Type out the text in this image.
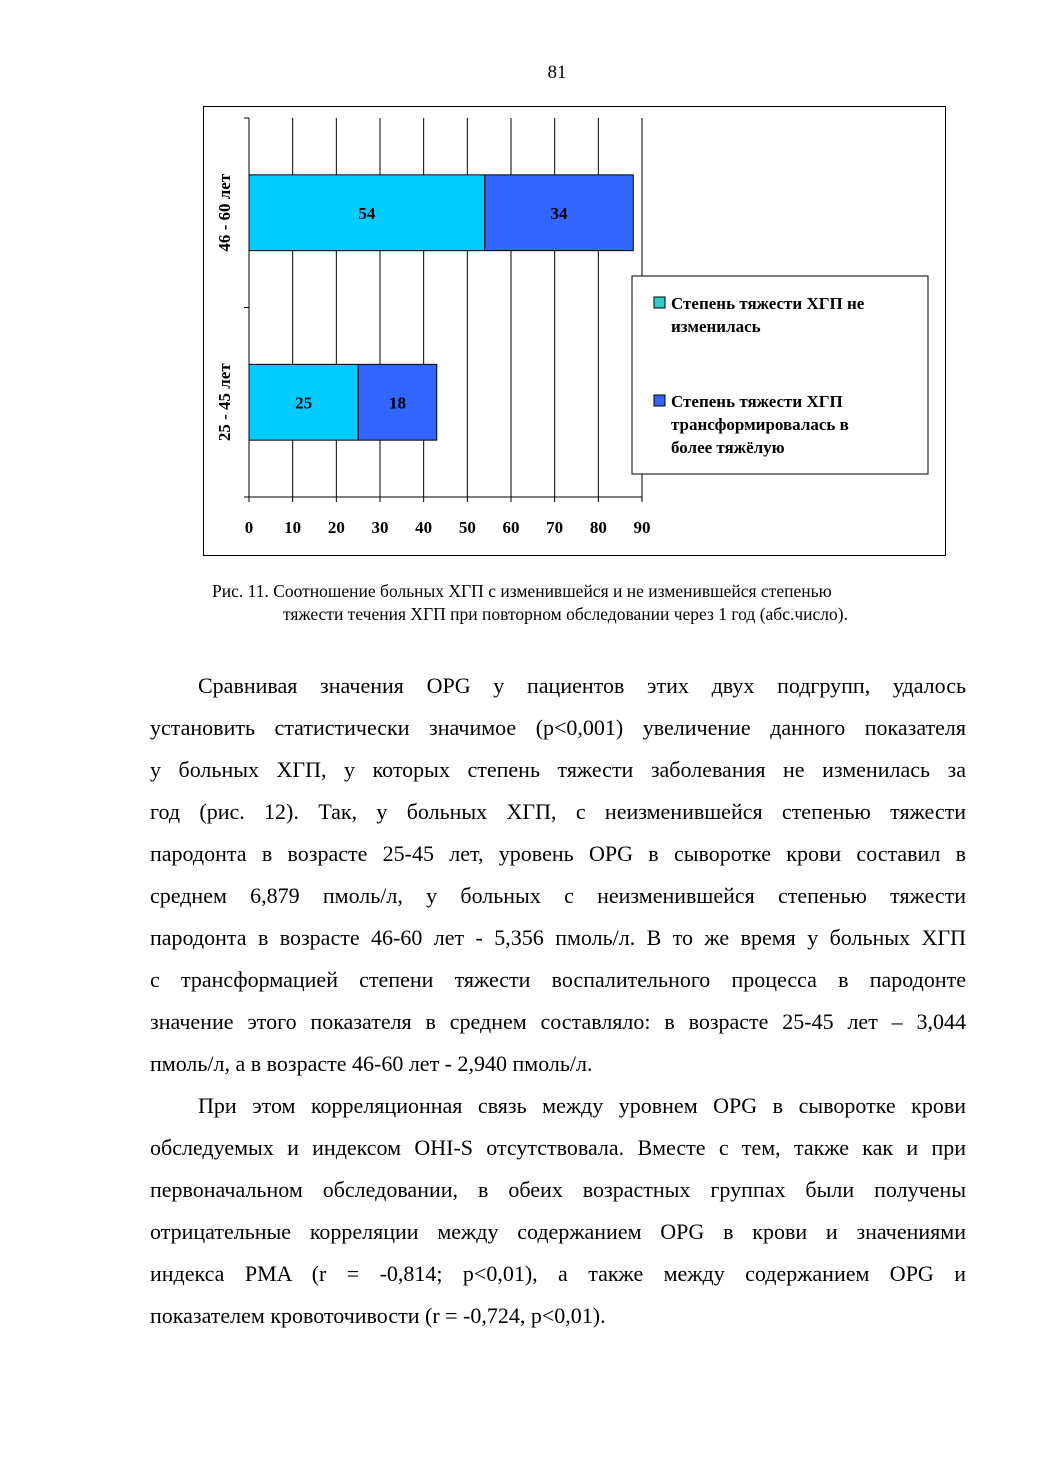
81
54	34
25	18
0 10 20 30 40 50 60 70 80 90
46 - 60 лет
25 - 45 лет
Степень тяжести ХГП не
изменилась
Степень тяжести ХГП
трансформировалась в
более тяжёлую
Рис. 11. Соотношение больных ХГП с изменившейся и не изменившейся степенью
тяжести течения ХГП при повторном обследовании через 1 год (абс.число).
Сравнивая значения OPG у пациентов этих двух подгрупп, удалось
установить статистически значимое (р<0,001) увеличение данного показателя
у больных ХГП, у которых степень тяжести заболевания не изменилась за
год (рис. 12). Так, у больных ХГП, с неизменившейся степенью тяжести
пародонта в возрасте 25-45 лет, уровень OPG в сыворотке крови составил в
среднем 6,879 пмоль/л, у больных с неизменившейся степенью тяжести
пародонта в возрасте 46-60 лет - 5,356 пмоль/л. В то же время у больных ХГП
с трансформацией степени тяжести воспалительного процесса в пародонте
значение этого показателя в среднем составляло: в возрасте 25-45 лет – 3,044
пмоль/л, а в возрасте 46-60 лет - 2,940 пмоль/л.
При этом корреляционная связь между уровнем OPG в сыворотке крови
обследуемых и индексом OHI-S отсутствовала. Вместе с тем, также как и при
первоначальном обследовании, в обеих возрастных группах были получены
отрицательные корреляции между содержанием OPG в крови и значениями
индекса PMA (r = -0,814; p<0,01), а также между содержанием OPG и
показателем кровоточивости (r = -0,724, p<0,01).
